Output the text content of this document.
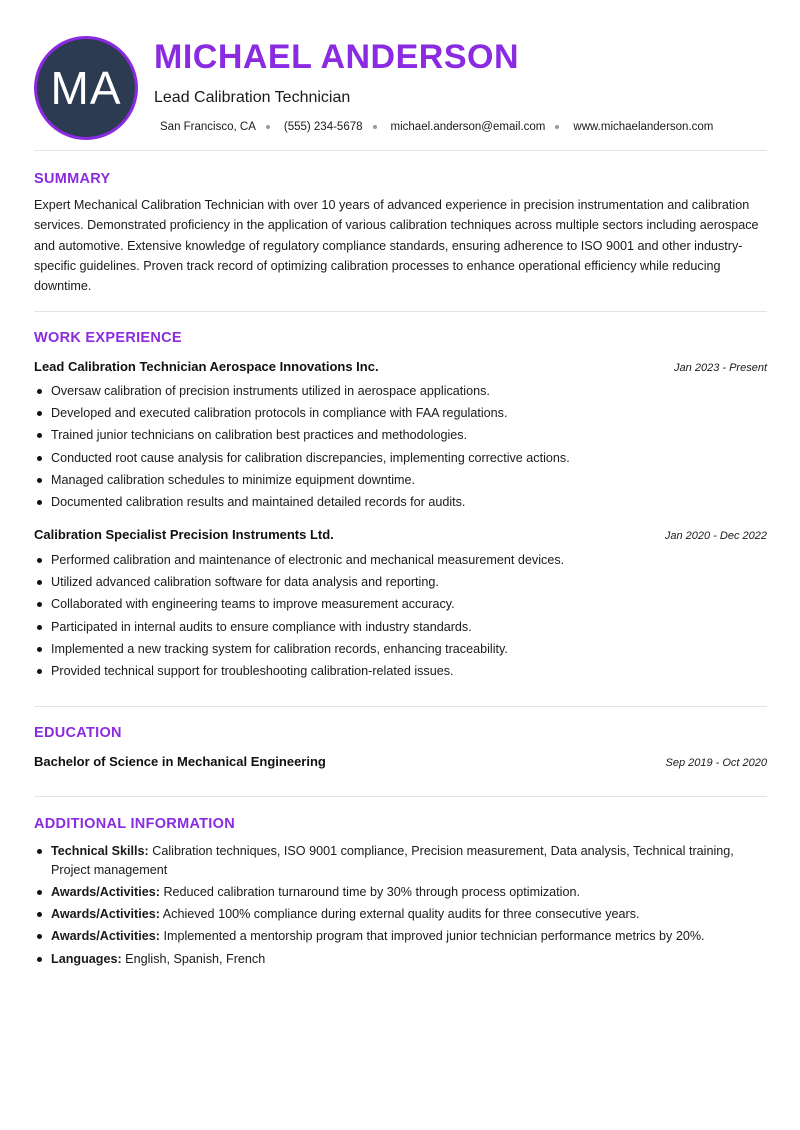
MA
MICHAEL ANDERSON
Lead Calibration Technician
San Francisco, CA (555) 234-5678 michael.anderson@email.com www.michaelanderson.com
SUMMARY

Expert Mechanical Calibration Technician with over 10 years of advanced experience in precision instrumentation and calibration services. Demonstrated proficiency in the application of various calibration techniques across multiple sectors including aerospace and automotive. Extensive knowledge of regulatory compliance standards, ensuring adherence to ISO 9001 and other industry-specific guidelines. Proven track record of optimizing calibration processes to enhance operational efficiency while reducing downtime.

WORK EXPERIENCE
Lead Calibration Technician Aerospace Innovations Inc.	Jan 2023 - Present
Oversaw calibration of precision instruments utilized in aerospace applications.
Developed and executed calibration protocols in compliance with FAA regulations.
Trained junior technicians on calibration best practices and methodologies.
Conducted root cause analysis for calibration discrepancies, implementing corrective actions.
Managed calibration schedules to minimize equipment downtime.
Documented calibration results and maintained detailed records for audits.
Calibration Specialist Precision Instruments Ltd.	Jan 2020 - Dec 2022
Performed calibration and maintenance of electronic and mechanical measurement devices.
Utilized advanced calibration software for data analysis and reporting.
Collaborated with engineering teams to improve measurement accuracy.
Participated in internal audits to ensure compliance with industry standards.
Implemented a new tracking system for calibration records, enhancing traceability.
Provided technical support for troubleshooting calibration-related issues.
EDUCATION
Bachelor of Science in Mechanical Engineering	Sep 2019 - Oct 2020
ADDITIONAL INFORMATION
Technical Skills: Calibration techniques, ISO 9001 compliance, Precision measurement, Data analysis, Technical training, Project management
Awards/Activities: Reduced calibration turnaround time by 30% through process optimization.
Awards/Activities: Achieved 100% compliance during external quality audits for three consecutive years.
Awards/Activities: Implemented a mentorship program that improved junior technician performance metrics by 20%.
Languages: English, Spanish, French
